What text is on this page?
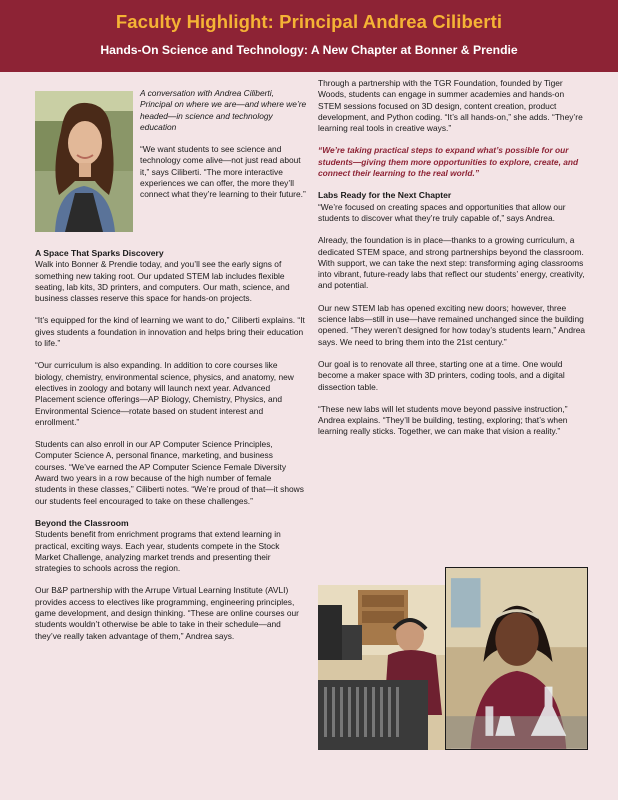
Faculty Highlight: Principal Andrea Ciliberti
Hands-On Science and Technology: A New Chapter at Bonner & Prendie

A conversation with Andrea Ciliberti, Principal on where we are—and where we’re headed—in science and technology education

“We want students to see science and technology come alive—not just read about it,” says Ciliberti. “The more interactive experiences we can offer, the more they’ll connect what they’re learning to their future.”

A Space That Sparks Discovery

Walk into Bonner & Prendie today, and you’ll see the early signs of something new taking root. Our updated STEM lab includes flexible seating, lab kits, 3D printers, and computers. Our math, science, and business classes reserve this space for hands-on projects.

“It’s equipped for the kind of learning we want to do,” Ciliberti explains. “It gives students a foundation in innovation and helps bring their education to life.”

“Our curriculum is also expanding. In addition to core courses like biology, chemistry, environmental science, physics, and anatomy, new electives in zoology and botany will launch next year. Advanced Placement science offerings—AP Biology, Chemistry, Physics, and Environmental Science—rotate based on student interest and enrollment.”

Students can also enroll in our AP Computer Science Principles, Computer Science A, personal finance, marketing, and business courses. “We’ve earned the AP Computer Science Female Diversity Award two years in a row because of the high number of female students in these classes,” Ciliberti notes. “We’re proud of that—it shows our students feel encouraged to take on these challenges.”

Beyond the Classroom

Students benefit from enrichment programs that extend learning in practical, exciting ways. Each year, students compete in the Stock Market Challenge, analyzing market trends and presenting their strategies to schools across the region.

Our B&P partnership with the Arrupe Virtual Learning Institute (AVLI) provides access to electives like programming, engineering principles, game development, and design thinking. “These are online courses our students wouldn’t otherwise be able to take in their schedule—and they’ve really taken advantage of them,” Andrea says.

Through a partnership with the TGR Foundation, founded by Tiger Woods, students can engage in summer academies and hands-on STEM sessions focused on 3D design, content creation, product development, and Python coding. “It’s all hands-on,” she adds. “They’re learning real tools in creative ways.”

“We’re taking practical steps to expand what’s possible for our students—giving them more opportunities to explore, create, and connect their learning to the real world.”

Labs Ready for the Next Chapter

“We’re focused on creating spaces and opportunities that allow our students to discover what they’re truly capable of,” says Andrea.

Already, the foundation is in place—thanks to a growing curriculum, a dedicated STEM space, and strong partnerships beyond the classroom. With support, we can take the next step: transforming aging classrooms into vibrant, future-ready labs that reflect our students’ energy, creativity, and potential.

Our new STEM lab has opened exciting new doors; however, three science labs—still in use—have remained unchanged since the building opened. “They weren’t designed for how today’s students learn,” Andrea says. We need to bring them into the 21st century.”

Our goal is to renovate all three, starting one at a time. One would become a maker space with 3D printers, coding tools, and a digital dissection table.

“These new labs will let students move beyond passive instruction,” Andrea explains. “They’ll be building, testing, exploring; that’s when learning really sticks. Together, we can make that vision a reality.”
